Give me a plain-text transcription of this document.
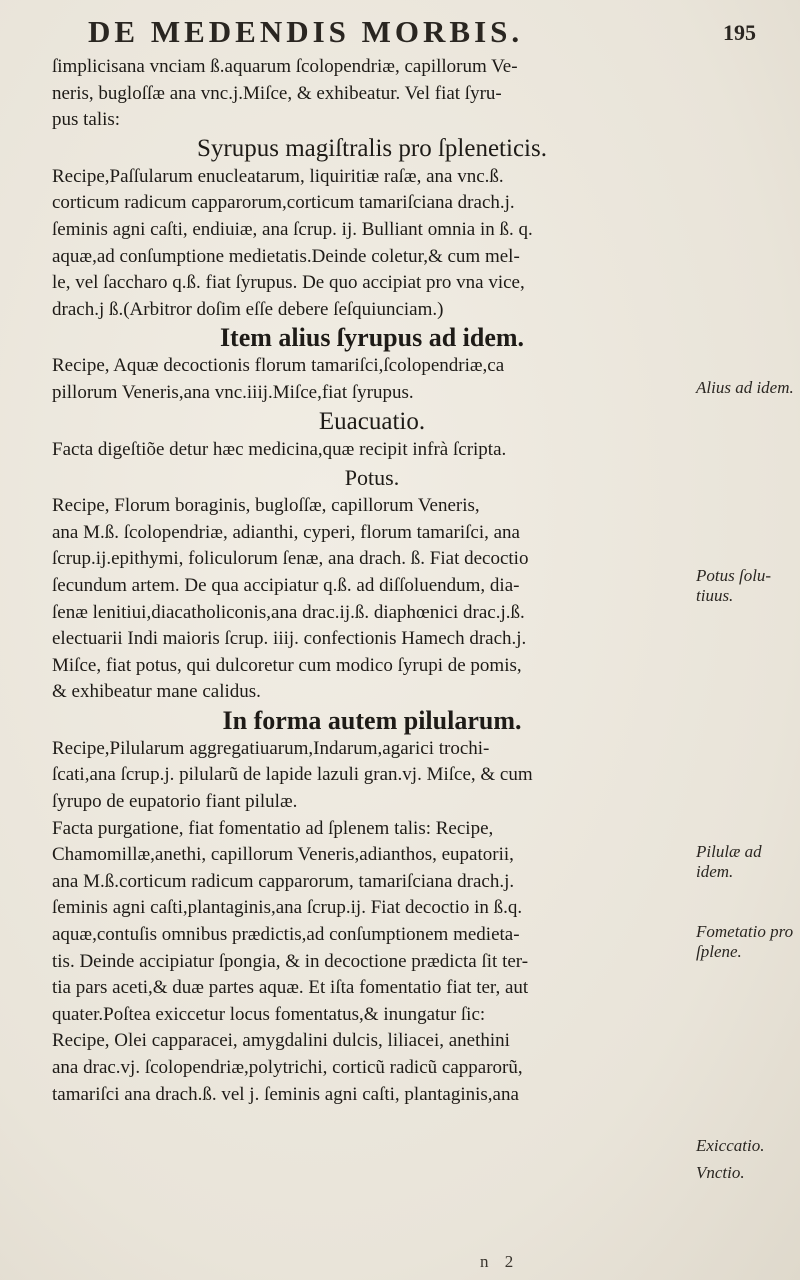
DE MEDENDIS MORBIS.	195
ſimplicisana vnciam ß.aquarum ſcolopendriæ, capillorum Ve-
neris, bugloſſæ ana vnc.j.Miſce, & exhibeatur. Vel fiat ſyru-
pus talis:
Syrupus magiſtralis pro ſpleneticis.
Recipe,Paſſularum enucleatarum, liquiritiæ raſæ, ana vnc.ß.
corticum radicum capparorum,corticum tamariſciana drach.j.
ſeminis agni caſti, endiuiæ, ana ſcrup. ij. Bulliant omnia in ß. q.
aquæ,ad conſumptione medietatis.Deinde coletur,& cum mel-
le, vel ſaccharo q.ß. fiat ſyrupus. De quo accipiat pro vna vice,
drach.j ß.(Arbitror doſim eſſe debere ſeſquiunciam.)
Item alius ſyrupus ad idem.
Recipe, Aquæ decoctionis florum tamariſci,ſcolopendriæ,ca
pillorum Veneris,ana vnc.iiij.Miſce,fiat ſyrupus.
Euacuatio.
Facta digeſtiõe detur hæc medicina,quæ recipit infrà ſcripta.
Potus.
Recipe, Florum boraginis, bugloſſæ, capillorum Veneris,
ana M.ß. ſcolopendriæ, adianthi, cyperi, florum tamariſci, ana
ſcrup.ij.epithymi, foliculorum ſenæ, ana drach. ß. Fiat decoctio
ſecundum artem. De qua accipiatur q.ß. ad diſſoluendum, dia-
ſenæ lenitiui,diacatholiconis,ana drac.ij.ß. diaphœnici drac.j.ß.
electuarii Indi maioris ſcrup. iiij. confectionis Hamech drach.j.
Miſce, fiat potus, qui dulcoretur cum modico ſyrupi de pomis,
& exhibeatur mane calidus.
In forma autem pilularum.
Recipe,Pilularum aggregatiuarum,Indarum,agarici trochi-
ſcati,ana ſcrup.j. pilularũ de lapide lazuli gran.vj. Miſce, & cum
ſyrupo de eupatorio fiant pilulæ.
Facta purgatione, fiat fomentatio ad ſplenem talis: Recipe,
Chamomillæ,anethi, capillorum Veneris,adianthos, eupatorii,
ana M.ß.corticum radicum capparorum, tamariſciana drach.j.
ſeminis agni caſti,plantaginis,ana ſcrup.ij. Fiat decoctio in ß.q.
aquæ,contuſis omnibus prædictis,ad conſumptionem medieta-
tis. Deinde accipiatur ſpongia, & in decoctione prædicta ſit ter-
tia pars aceti,& duæ partes aquæ. Et iſta fomentatio fiat ter, aut
quater.Poſtea exiccetur locus fomentatus,& inungatur ſic:
Recipe, Olei capparacei, amygdalini dulcis, liliacei, anethini
ana drac.vj. ſcolopendriæ,polytrichi, corticũ radicũ capparorũ,
tamariſci ana drach.ß. vel j. ſeminis agni caſti, plantaginis,ana
Alius ad idem.
Potus ſolu-tiuus.
Pilulæ ad idem.
Fometatio pro ſplene.
Exiccatio.
Vnctio.
n 2
